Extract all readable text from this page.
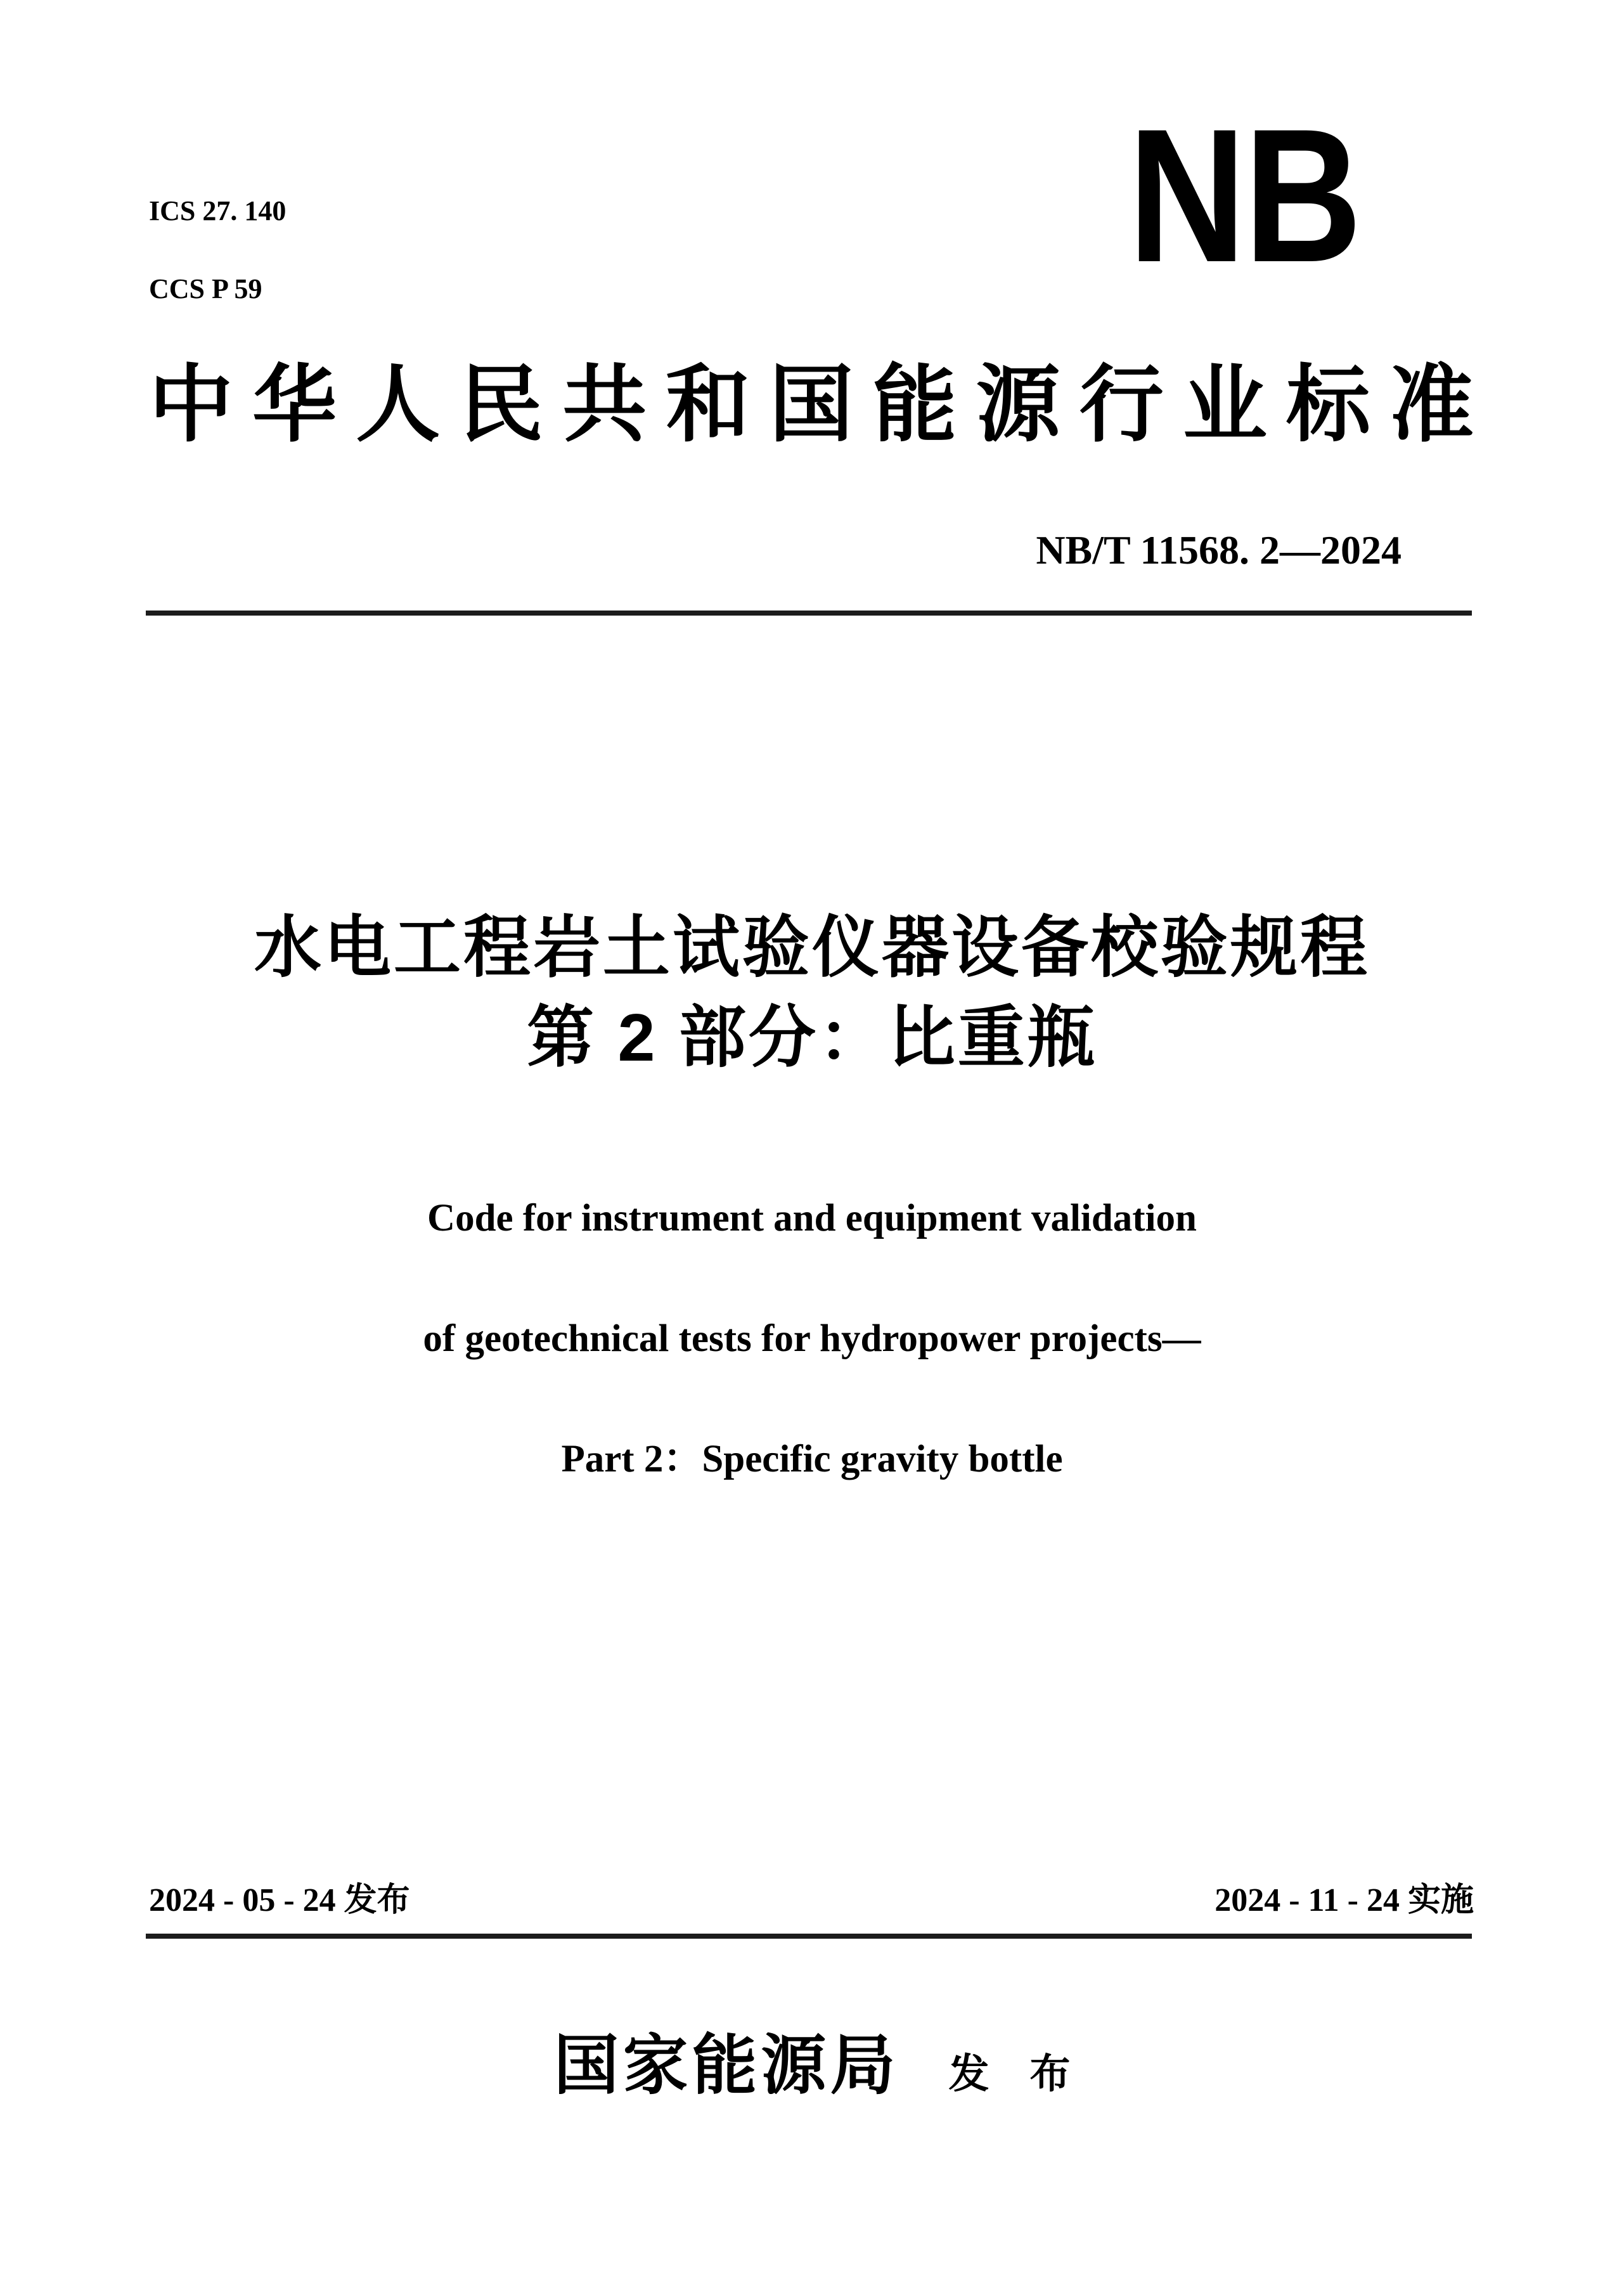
ICS 27. 140

CCS P 59	NB
中华人民共和国能源行业标准
NB/T 11568. 2—2024
水电工程岩土试验仪器设备校验规程
第 2 部分：比重瓶

Code for instrument and equipment validation

of geotechnical tests for hydropower projects—

Part 2：Specific gravity bottle

2024 - 05 - 24 发布	2024 - 11 - 24 实施
国家能源局 发　布
